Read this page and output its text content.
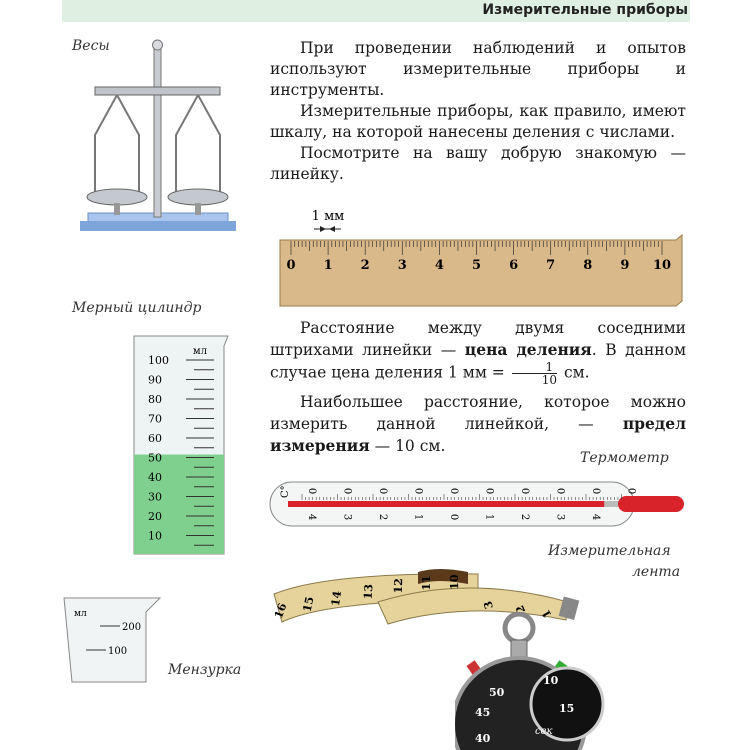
Измерительные приборы
Весы	При проведении наблюдений и опытов используют измерительные приборы и инструменты.

Измерительные приборы, как правило, имеют шкалу, на которой нанесены деления с числами.

Посмотрите на вашу добрую знакомую — линейку.

1 мм
0 1 2 3 4 5 6 7 8 9 10

Расстояние между двумя соседними штрихами линейки — цена деления. В данном случае цена деления 1 мм = $\frac{1}{10}$ см.

Наибольшее расстояние, которое можно измерить данной линейкой, — предел измерения — 10 см.

Мерный цилиндр
мл
100
90
80
70
60
50
40
30
20
10
мл
200
100
Мензурка
Термометр
С° 0 0 0 0 0 0 0 0 0 0
4 3 2 1 0 1 2 3 4
Измерительная
лента
16 15 14 13 12 11 10
3 2 1
50
45
40
10
15
сек
